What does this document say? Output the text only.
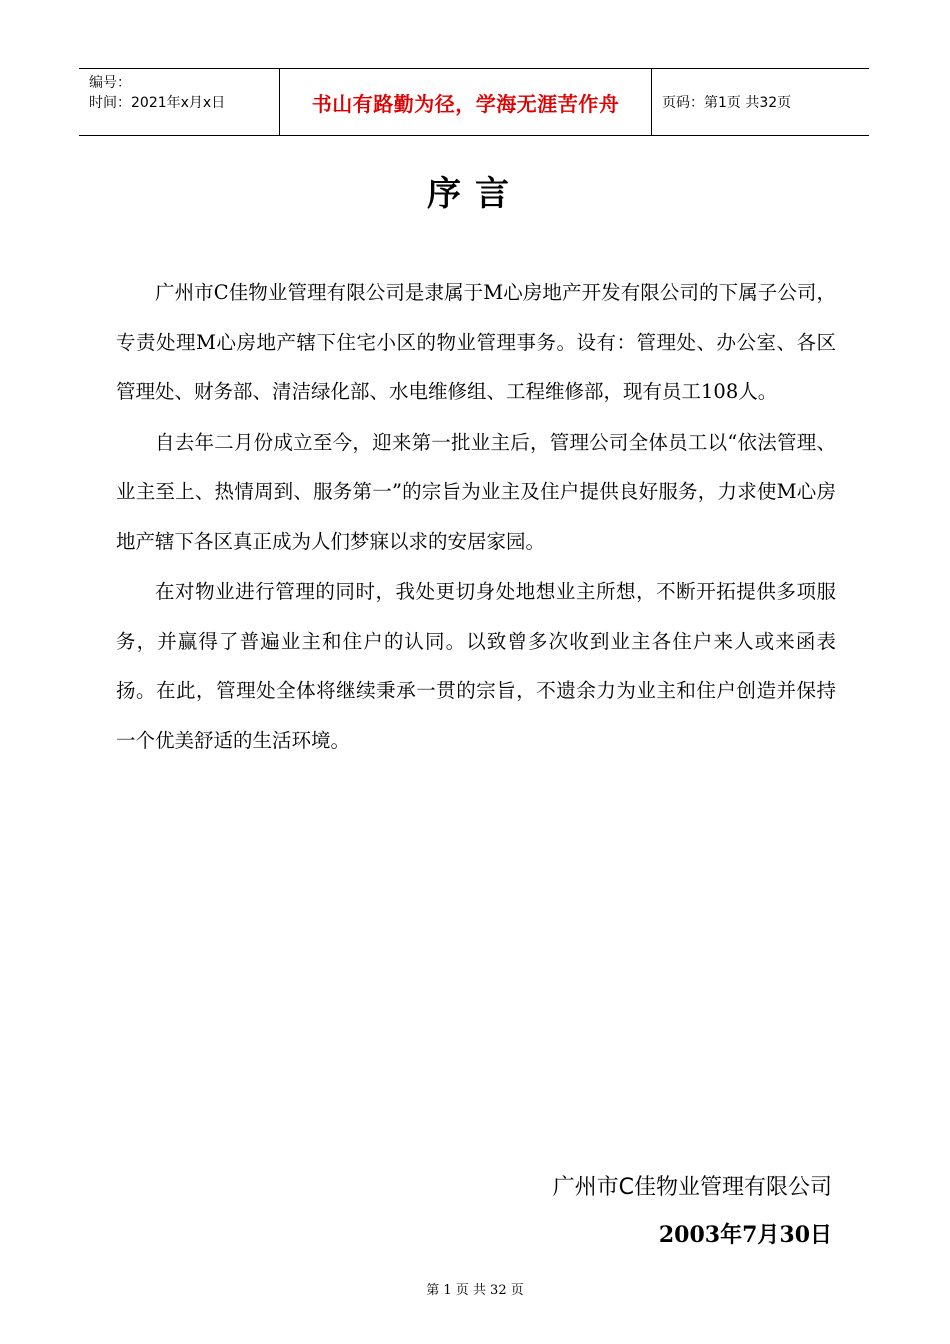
编号：
时间：2021年x月x日	书山有路勤为径，学海无涯苦作舟	页码：第1页 共32页
序言

广州市C佳物业管理有限公司是隶属于M心房地产开发有限公司的下属子公司，专责处理M心房地产辖下住宅小区的物业管理事务。设有：管理处、办公室、各区管理处、财务部、清洁绿化部、水电维修组、工程维修部，现有员工108人。

自去年二月份成立至今，迎来第一批业主后，管理公司全体员工以“依法管理、业主至上、热情周到、服务第一”的宗旨为业主及住户提供良好服务，力求使M心房地产辖下各区真正成为人们梦寐以求的安居家园。

在对物业进行管理的同时，我处更切身处地想业主所想，不断开拓提供多项服务，并赢得了普遍业主和住户的认同。以致曾多次收到业主各住户来人或来函表扬。在此，管理处全体将继续秉承一贯的宗旨，不遗余力为业主和住户创造并保持一个优美舒适的生活环境。

广州市C佳物业管理有限公司
2003年7月30日
第 1 页 共 32 页
